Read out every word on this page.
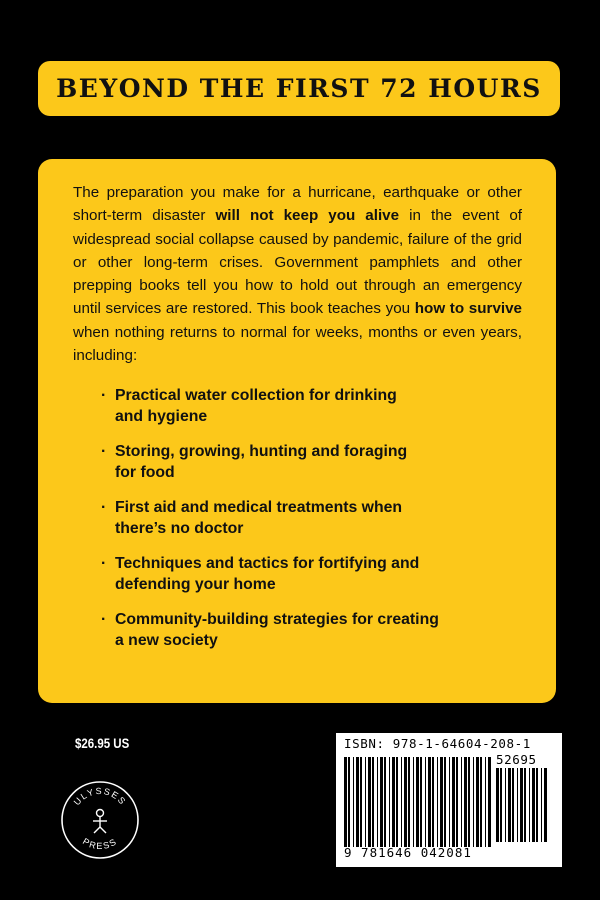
BEYOND THE FIRST 72 HOURS

The preparation you make for a hurricane, earthquake or other short-term disaster will not keep you alive in the event of widespread social collapse caused by pandemic, failure of the grid or other long-term crises. Government pamphlets and other prepping books tell you how to hold out through an emergency until services are restored. This book teaches you how to survive when nothing returns to normal for weeks, months or even years, including:

· Practical water collection for drinking
and hygiene
· Storing, growing, hunting and foraging
for food
· First aid and medical treatments when
there’s no doctor
· Techniques and tactics for fortifying and
defending your home
· Community-building strategies for creating
a new society
$26.95 US
ULYSSES
PRESS
ISBN: 978-1-64604-208-1
52695
9 781646 042081
